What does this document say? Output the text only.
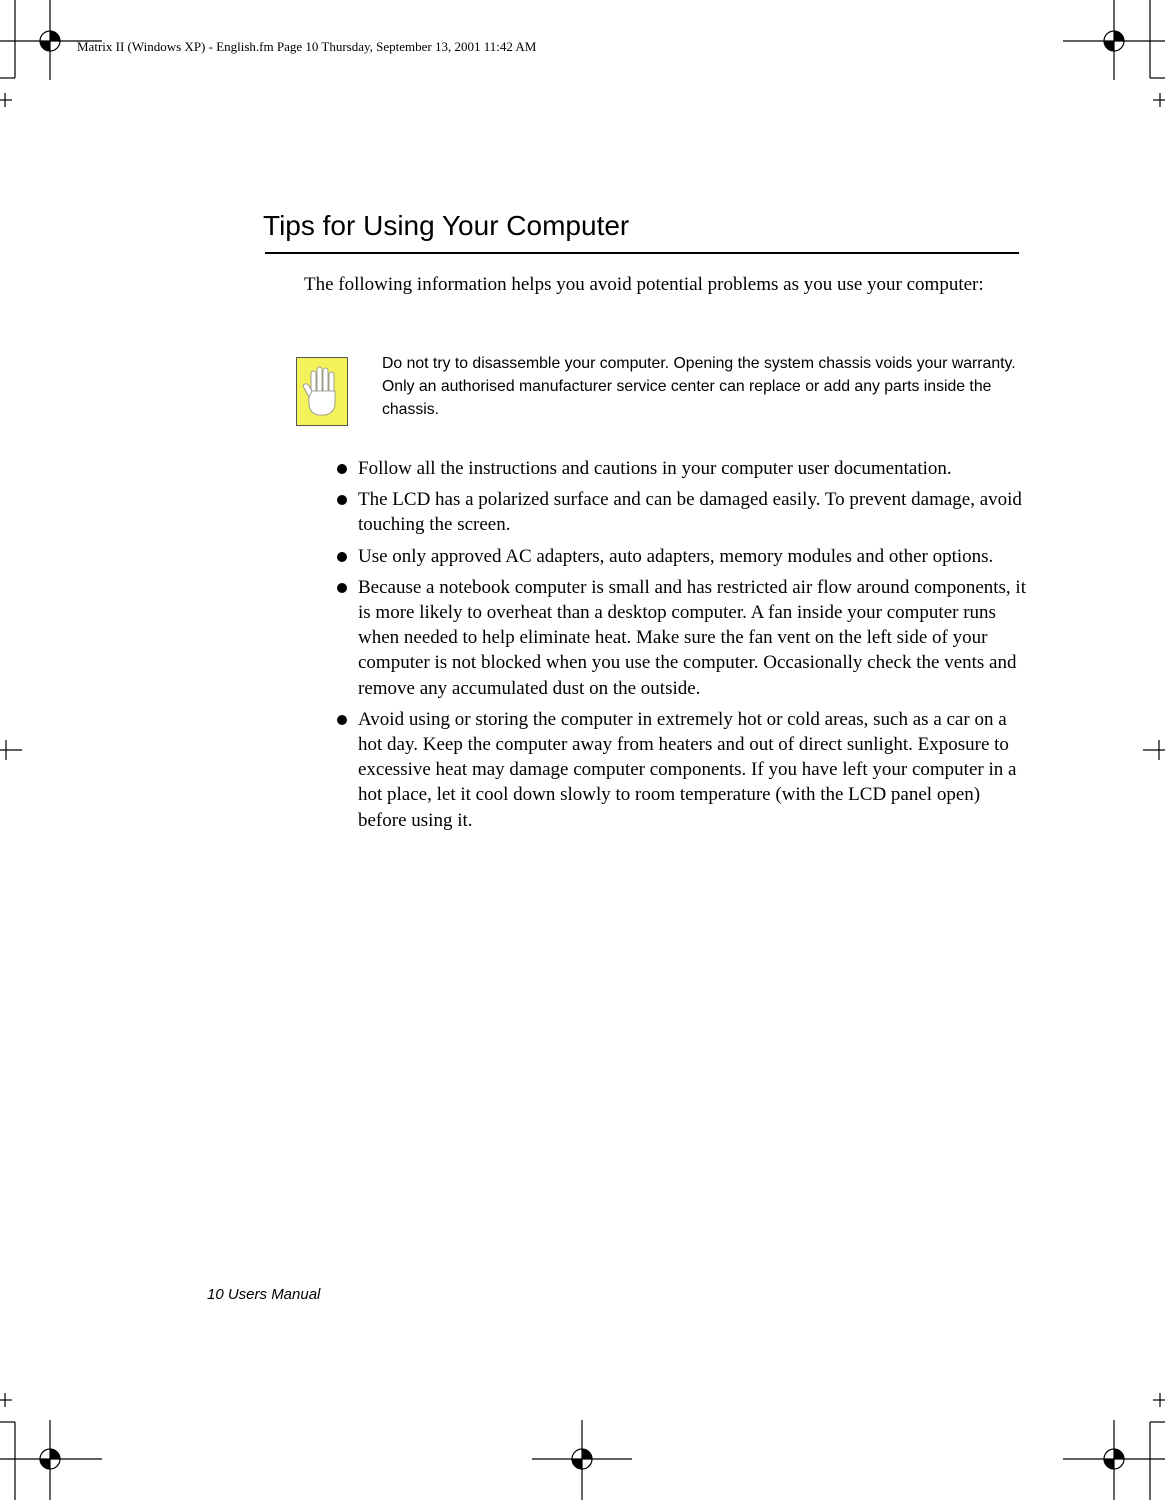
Matrix II (Windows XP) - English.fm Page 10 Thursday, September 13, 2001 11:42 AM
Tips for Using Your Computer

The following information helps you avoid potential problems as you use your computer:

Do not try to disassemble your computer. Opening the system chassis voids your warranty. Only an authorised manufacturer service center can replace or add any parts inside the chassis.

Follow all the instructions and cautions in your computer user documentation.
The LCD has a polarized surface and can be damaged easily. To prevent damage, avoid touching the screen.
Use only approved AC adapters, auto adapters, memory modules and other options.
Because a notebook computer is small and has restricted air flow around components, it is more likely to overheat than a desktop computer. A fan inside your computer runs when needed to help eliminate heat. Make sure the fan vent on the left side of your computer is not blocked when you use the computer. Occasionally check the vents and remove any accumulated dust on the outside.
Avoid using or storing the computer in extremely hot or cold areas, such as a car on a hot day. Keep the computer away from heaters and out of direct sunlight. Exposure to excessive heat may damage computer components. If you have left your computer in a hot place, let it cool down slowly to room temperature (with the LCD panel open) before using it.
10 Users Manual
